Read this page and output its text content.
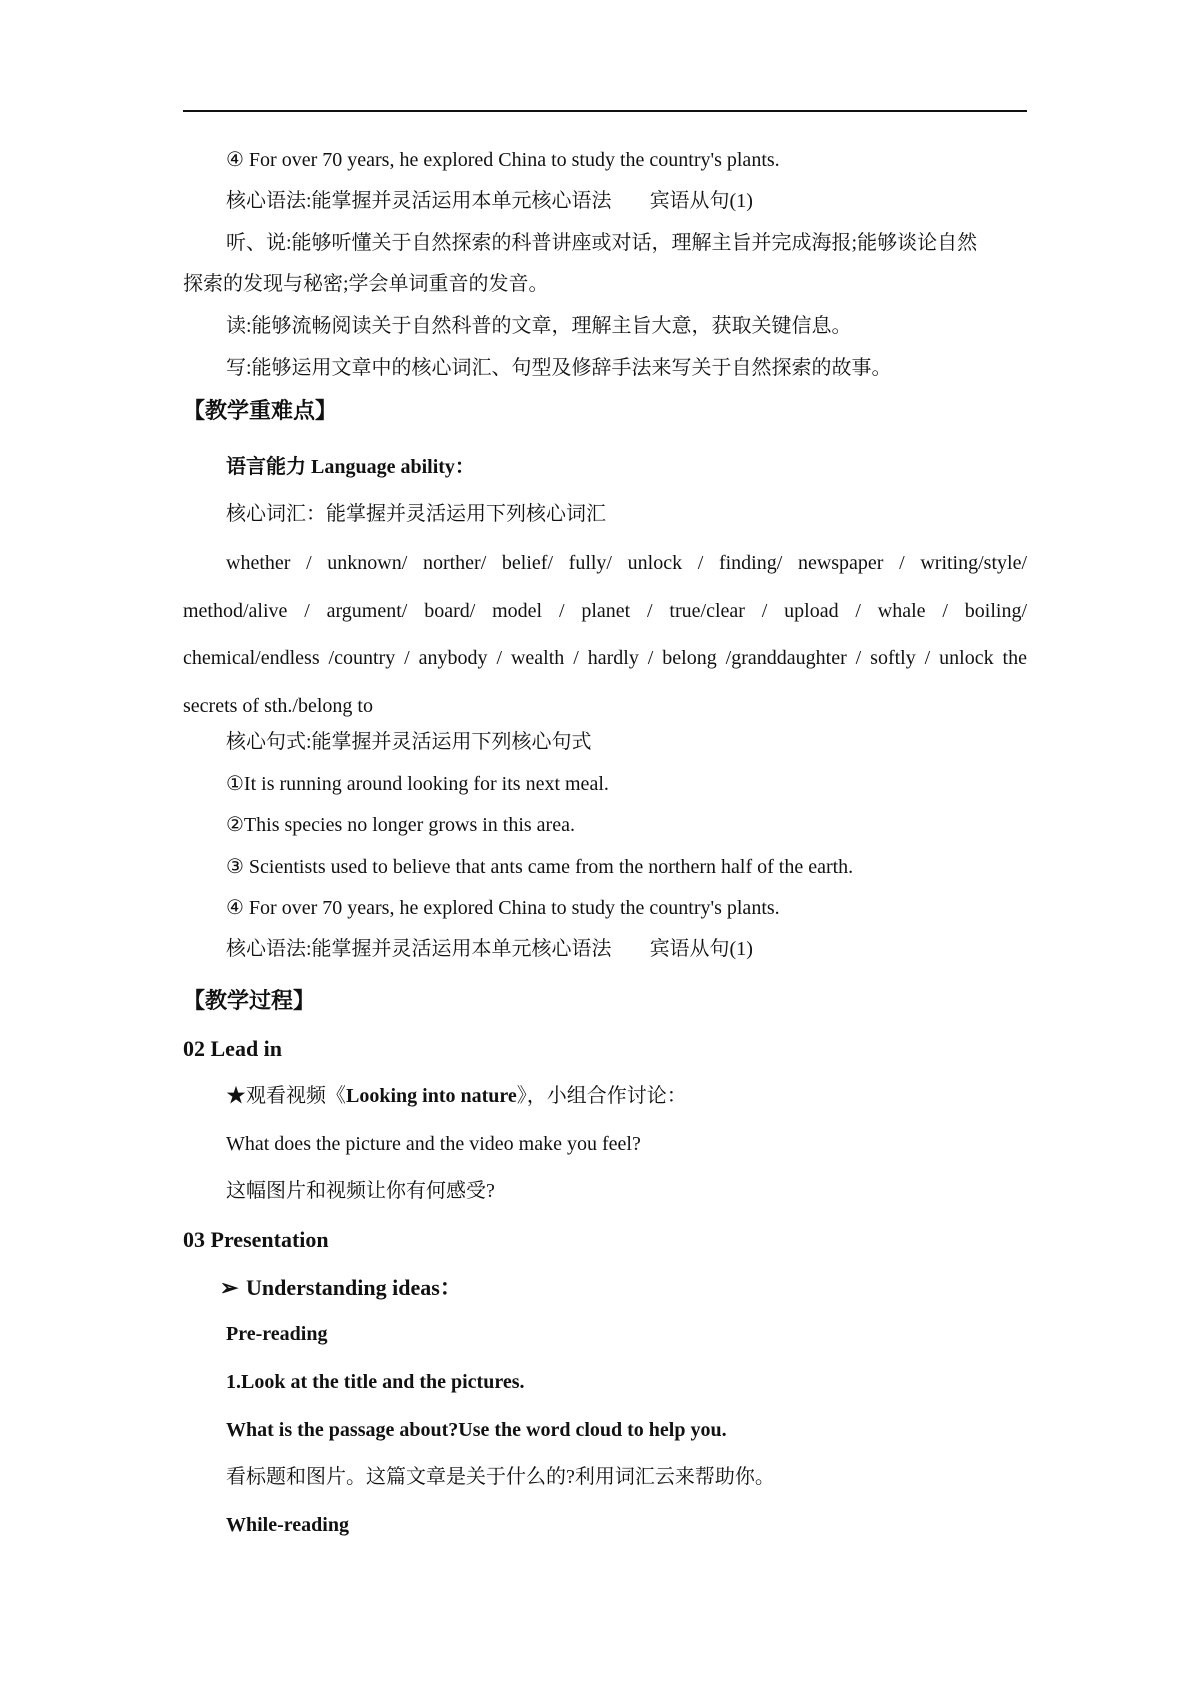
④ For over 70 years, he explored China to study the country's plants.
核心语法:能掌握并灵活运用本单元核心语法 宾语从句(1)
听、说:能够听懂关于自然探索的科普讲座或对话，理解主旨并完成海报;能够谈论自然
探索的发现与秘密;学会单词重音的发音。
读:能够流畅阅读关于自然科普的文章，理解主旨大意，获取关键信息。
写:能够运用文章中的核心词汇、句型及修辞手法来写关于自然探索的故事。
【教学重难点】
语言能力 Language ability：
核心词汇：能掌握并灵活运用下列核心词汇
whether / unknown/ norther/ belief/ fully/ unlock / finding/ newspaper / writing/style/
method/alive / argument/ board/ model / planet / true/clear / upload / whale / boiling/
chemical/endless /country / anybody / wealth / hardly / belong /granddaughter / softly / unlock the
secrets of sth./belong to
核心句式:能掌握并灵活运用下列核心句式
①It is running around looking for its next meal.
②This species no longer grows in this area.
③ Scientists used to believe that ants came from the northern half of the earth.
④ For over 70 years, he explored China to study the country's plants.
核心语法:能掌握并灵活运用本单元核心语法 宾语从句(1)
【教学过程】
02 Lead in
★观看视频《Looking into nature》，小组合作讨论：
What does the picture and the video make you feel?
这幅图片和视频让你有何感受?
03 Presentation
➢ Understanding ideas：
Pre-reading
1.Look at the title and the pictures.
What is the passage about?Use the word cloud to help you.
看标题和图片。这篇文章是关于什么的?利用词汇云来帮助你。
While-reading
